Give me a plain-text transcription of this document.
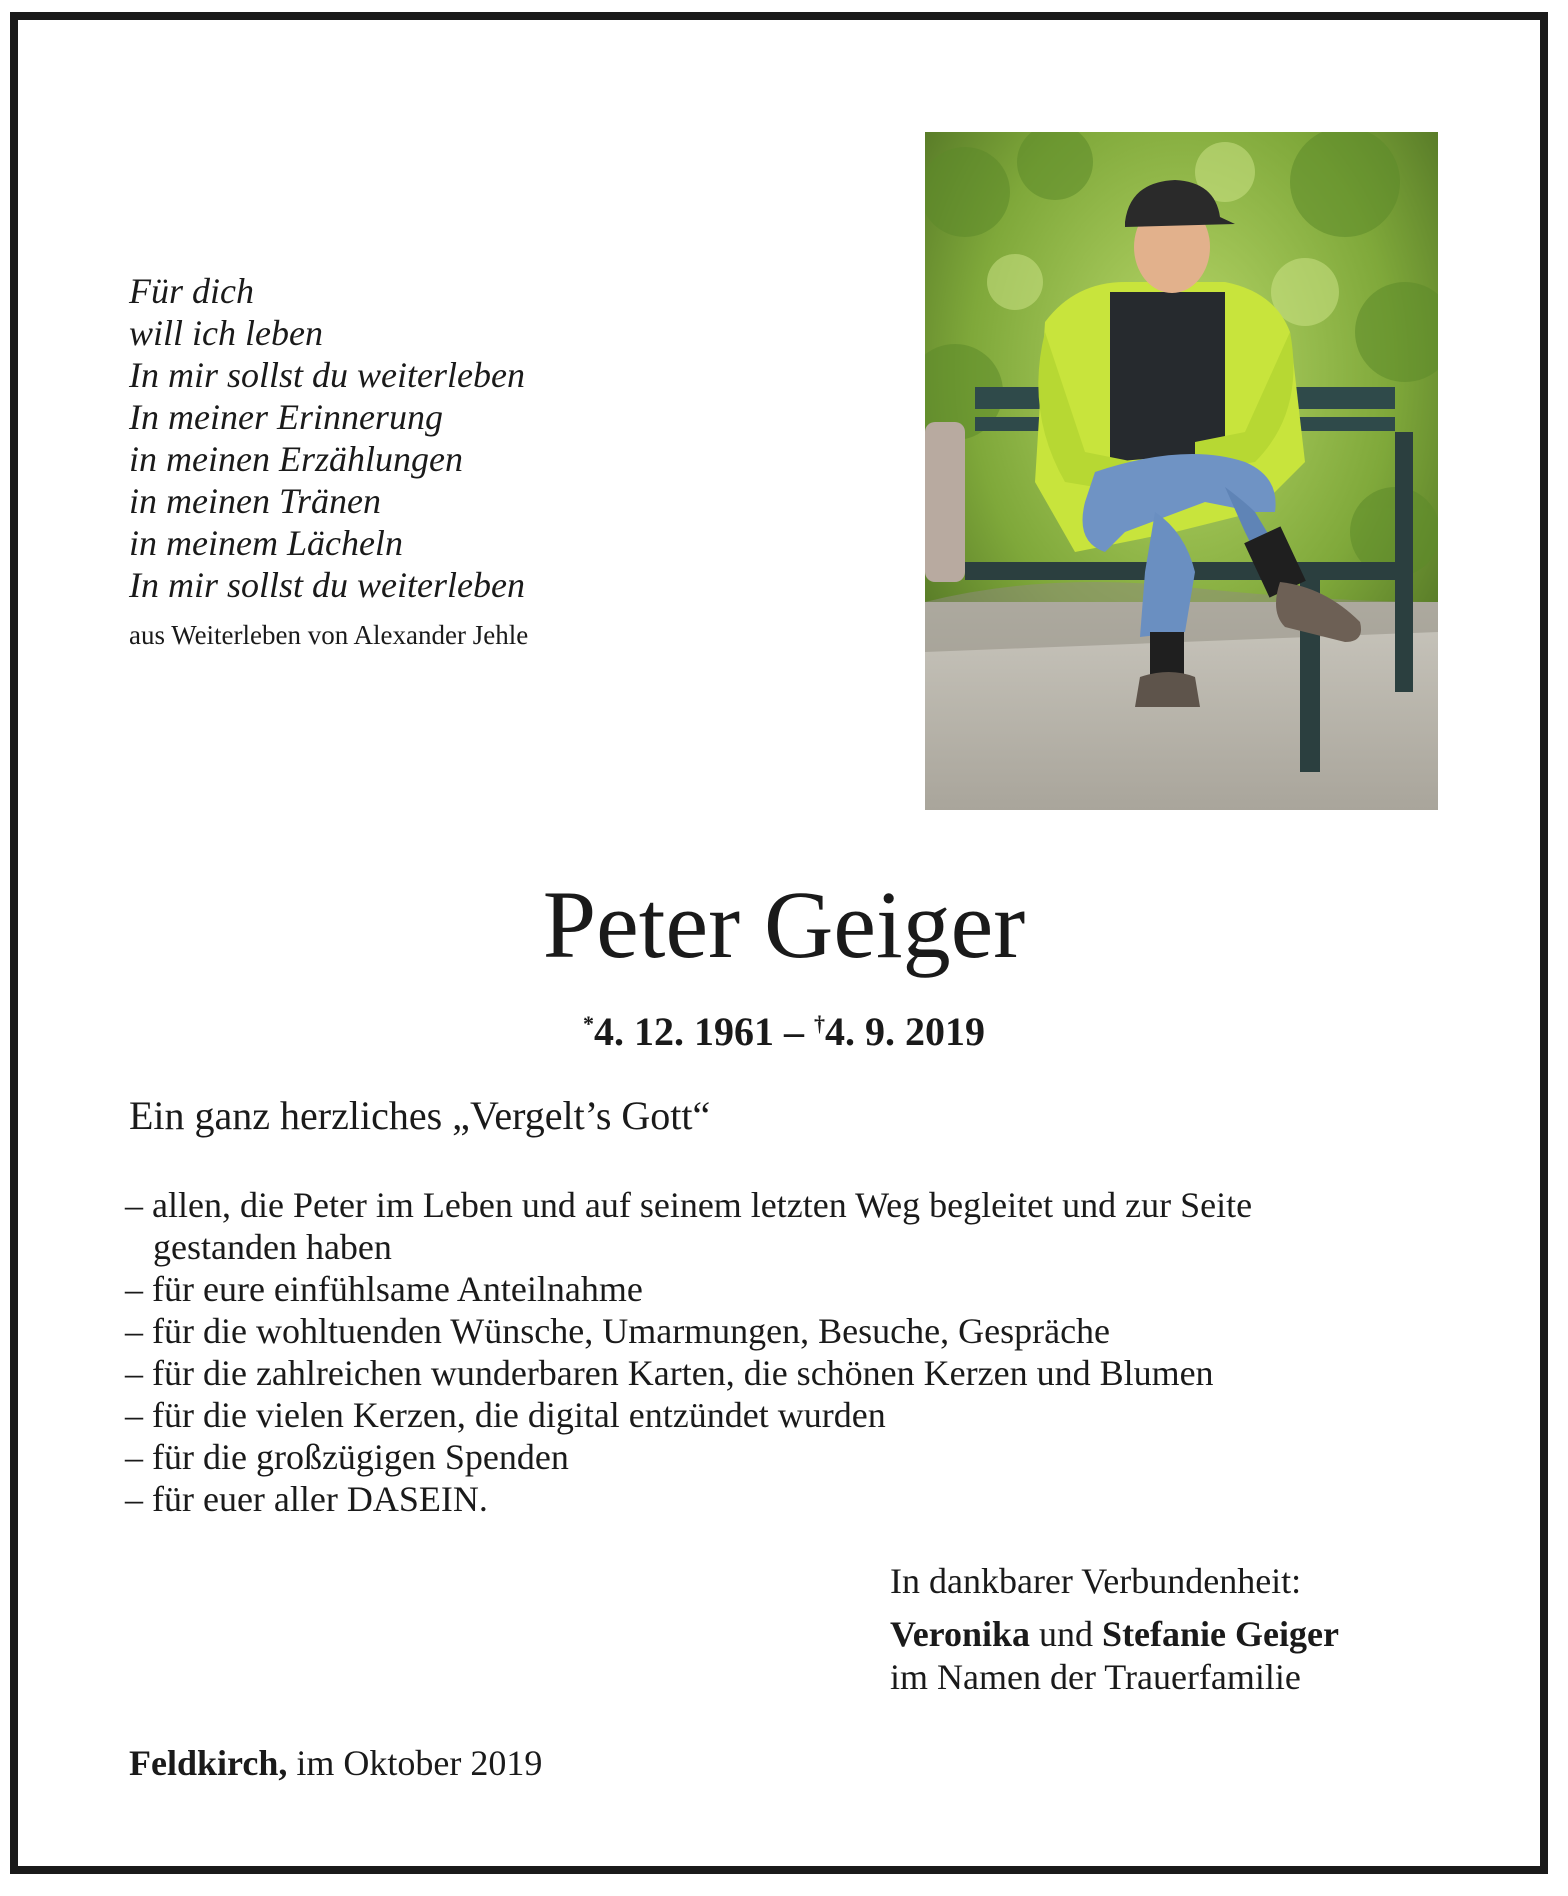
Für dich
will ich leben
In mir sollst du weiterleben
In meiner Erinnerung
in meinen Erzählungen
in meinen Tränen
in meinem Lächeln
In mir sollst du weiterleben
aus Weiterleben von Alexander Jehle
Peter Geiger
*4. 12. 1961 – †4. 9. 2019
Ein ganz herzliches „Vergelt’s Gott“
– allen, die Peter im Leben und auf seinem letzten Weg begleitet und zur Seite
gestanden haben
– für eure einfühlsame Anteilnahme
– für die wohltuenden Wünsche, Umarmungen, Besuche, Gespräche
– für die zahlreichen wunderbaren Karten, die schönen Kerzen und Blumen
– für die vielen Kerzen, die digital entzündet wurden
– für die großzügigen Spenden
– für euer aller DASEIN.
In dankbarer Verbundenheit:
Veronika und Stefanie Geiger
im Namen der Trauerfamilie
Feldkirch, im Oktober 2019
